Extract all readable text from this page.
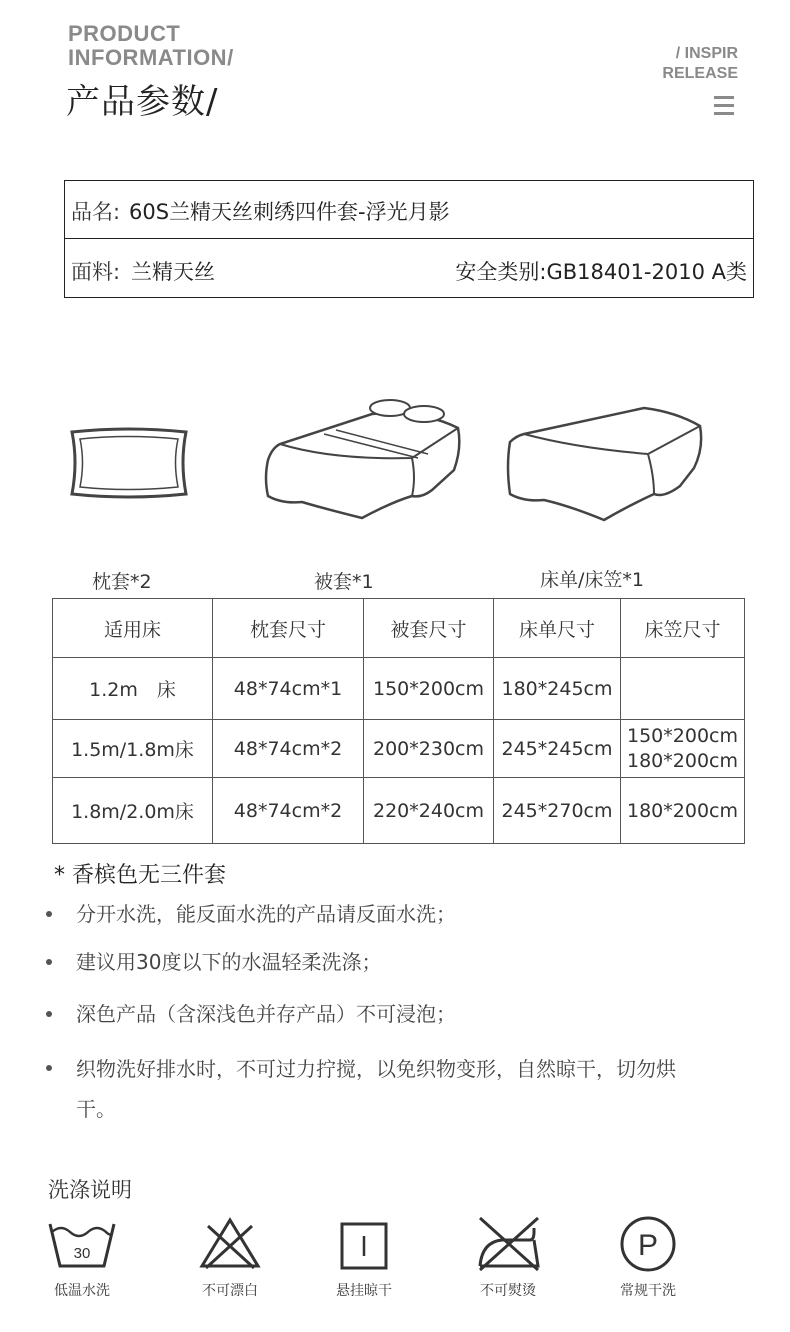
PRODUCT
INFORMATION/
产品参数/
/ INSPIR
RELEASE
品名: 60S兰精天丝刺绣四件套-浮光月影
面料: 兰精天丝	安全类别:GB18401-2010 A类
枕套*2	被套*1	床单/床笠*1
适用床	枕套尺寸	被套尺寸	床单尺寸	床笠尺寸
1.2m　床	48*74cm*1	150*200cm	180*245cm	
1.5m/1.8m床	48*74cm*2	200*230cm	245*245cm	150*200cm
180*200cm
1.8m/2.0m床	48*74cm*2	220*240cm	245*270cm	180*200cm
* 香槟色无三件套
分开水洗，能反面水洗的产品请反面水洗；
建议用30度以下的水温轻柔洗涤；
深色产品（含深浅色并存产品）不可浸泡；
织物洗好排水时，不可过力拧搅，以免织物变形，自然晾干，切勿烘干。
洗涤说明
30
低温水洗	不可漂白	悬挂晾干	不可熨烫
P
常规干洗
